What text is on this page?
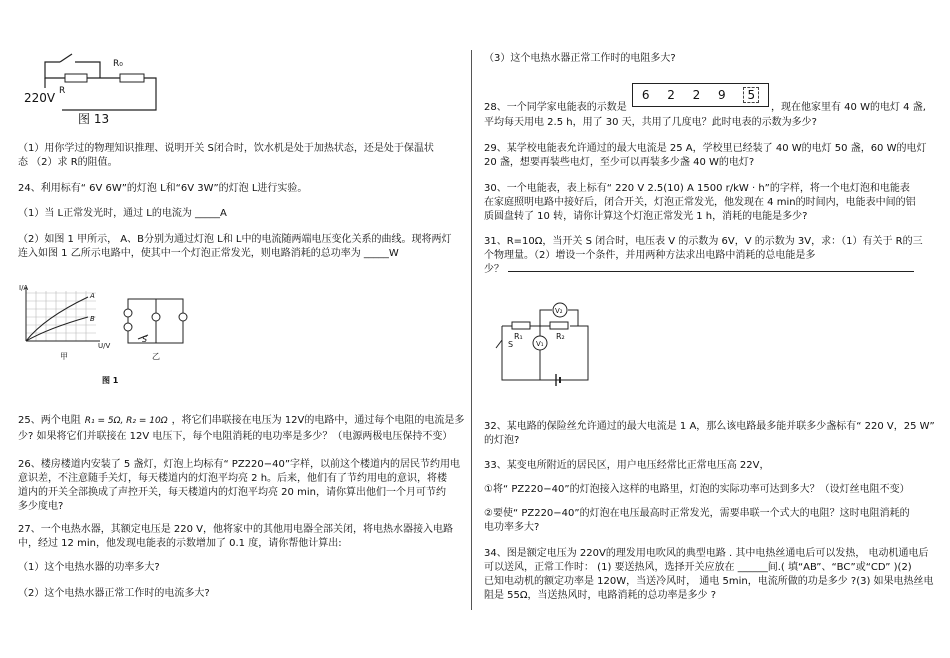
R₀
R
220V
图 13
（1）用你学过的物理知识推理、说明开关 S闭合时，饮水机是处于加热状态，还是处于保温状
态 （2）求 R的阻值。
24、利用标有“ 6V 6W”的灯泡 L和“6V 3W”的灯泡 L进行实验。
（1）当 L正常发光时，通过 L的电流为 _____A
（2）如图 1 甲所示， A、B分别为通过灯泡 L和 L中的电流随两端电压变化关系的曲线。现将两灯
连入如图 1 乙所示电路中，使其中一个灯泡正常发光，则电路消耗的总功率为 _____W
I/A
A
B
U/V
甲
S
乙
图 1
25、两个电阻 R₁ = 5Ω, R₂ = 10Ω ，将它们串联接在电压为 12V的电路中，通过每个电阻的电流是多
少? 如果将它们并联接在 12V 电压下，每个电阻消耗的电功率是多少？（电源两极电压保持不变）
26、楼房楼道内安装了 5 盏灯，灯泡上均标有“ PZ220−40”字样，以前这个楼道内的居民节约用电
意识差，不注意随手关灯，每天楼道内的灯泡平均亮 2 h。后来，他们有了节约用电的意识，将楼
道内的开关全部换成了声控开关，每天楼道内的灯泡平均亮 20 min，请你算出他们一个月可节约
多少度电?
27、一个电热水器，其额定电压是 220 V，他将家中的其他用电器全部关闭，将电热水器接入电路
中，经过 12 min，他发现电能表的示数增加了 0.1 度，请你帮他计算出:
（1）这个电热水器的功率多大?
（2）这个电热水器正常工作时的电流多大?
（3）这个电热水器正常工作时的电阻多大?
28、一个同学家电能表的示数是
6 2 2 9	5
，现在他家里有 40 W的电灯 4 盏,
平均每天用电 2.5 h，用了 30 天，共用了几度电？此时电表的示数为多少?
29、某学校电能表允许通过的最大电流是 25 A，学校里已经装了 40 W的电灯 50 盏，60 W的电灯
20 盏，想要再装些电灯，至少可以再装多少盏 40 W的电灯?
30、一个电能表，表上标有“ 220 V 2.5(10) A 1500 r/kW · h”的字样，将一个电灯泡和电能表
在家庭照明电路中接好后，闭合开关，灯泡正常发光，他发现在 4 min的时间内，电能表中间的铝
质圆盘转了 10 转，请你计算这个灯泡正常发光 1 h，消耗的电能是多少?
31、R=10Ω，当开关 S 闭合时，电压表 V 的示数为 6V，V 的示数为 3V，求：（1）有关于 R的三
个物理量。（2）增设一个条件，并用两种方法求出电路中消耗的总电能是多
少？
V₂
V₁
R₁	R₂
S
32、某电路的保险丝允许通过的最大电流是 1 A，那么该电路最多能并联多少盏标有“ 220 V，25 W”
的灯泡?
33、某变电所附近的居民区，用户电压经常比正常电压高 22V，
①将“ PZ220−40”的灯泡接入这样的电路里，灯泡的实际功率可达到多大？（设灯丝电阻不变）
②要使“ PZ220−40”的灯泡在电压最高时正常发光，需要串联一个式大的电阻？这时电阻消耗的
电功率多大?
34、图是额定电压为 220V的理发用电吹风的典型电路 . 其中电热丝通电后可以发热， 电动机通电后
可以送风，正常工作时： (1) 要送热风，选择开关应放在 ______间.( 填“AB”、“BC”或“CD” )(2)
已知电动机的额定功率是 120W，当送冷风时， 通电 5min，电流所做的功是多少 ?(3) 如果电热丝电
阻是 55Ω，当送热风时，电路消耗的总功率是多少 ?
